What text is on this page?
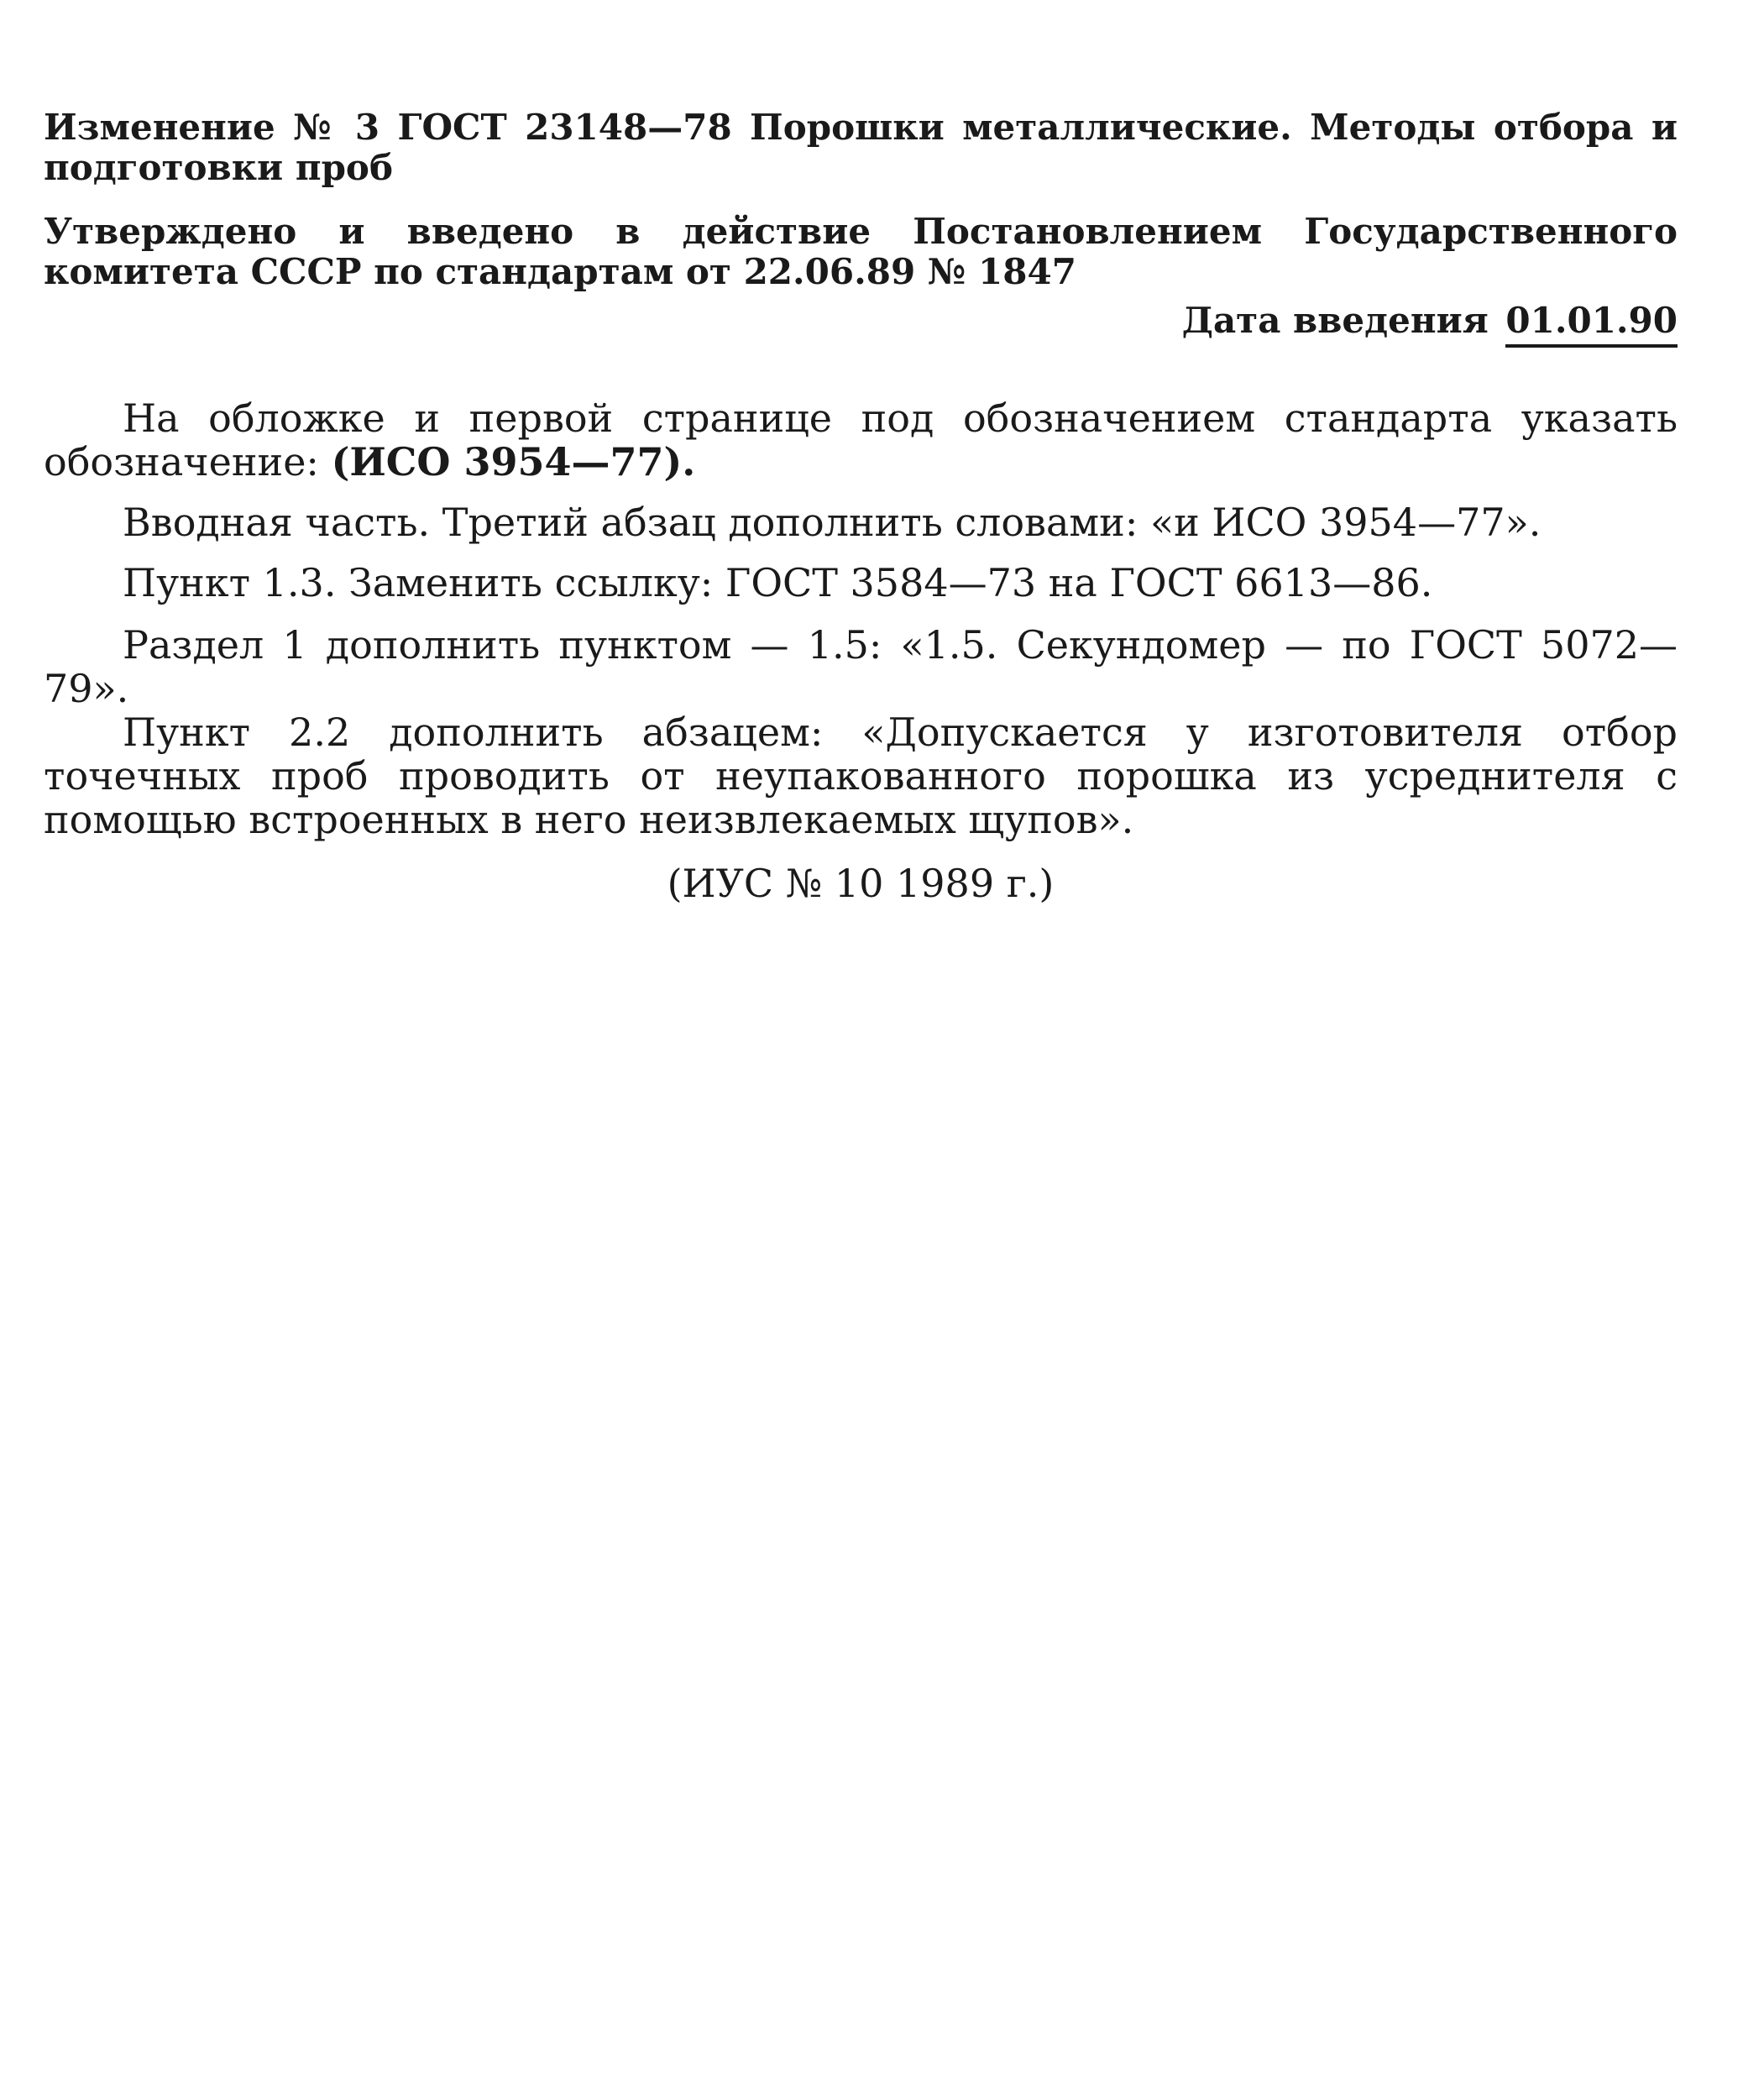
Изменение № 3 ГОСТ 23148—78 Порошки металлические. Методы отбора и подготовки проб

Утверждено и введено в действие Постановлением Государственного комитета СССР по стандартам от 22.06.89 № 1847

Дата введения 01.01.90

На обложке и первой странице под обозначением стандарта указать обозначение: (ИСО 3954—77).

Вводная часть. Третий абзац дополнить словами: «и ИСО 3954—77».

Пункт 1.3. Заменить ссылку: ГОСТ 3584—73 на ГОСТ 6613—86.

Раздел 1 дополнить пунктом — 1.5: «1.5. Секундомер — по ГОСТ 5072—79».

Пункт 2.2 дополнить абзацем: «Допускается у изготовителя отбор точечных проб проводить от неупакованного порошка из усреднителя с помощью встроенных в него неизвлекаемых щупов».

(ИУС № 10 1989 г.)
